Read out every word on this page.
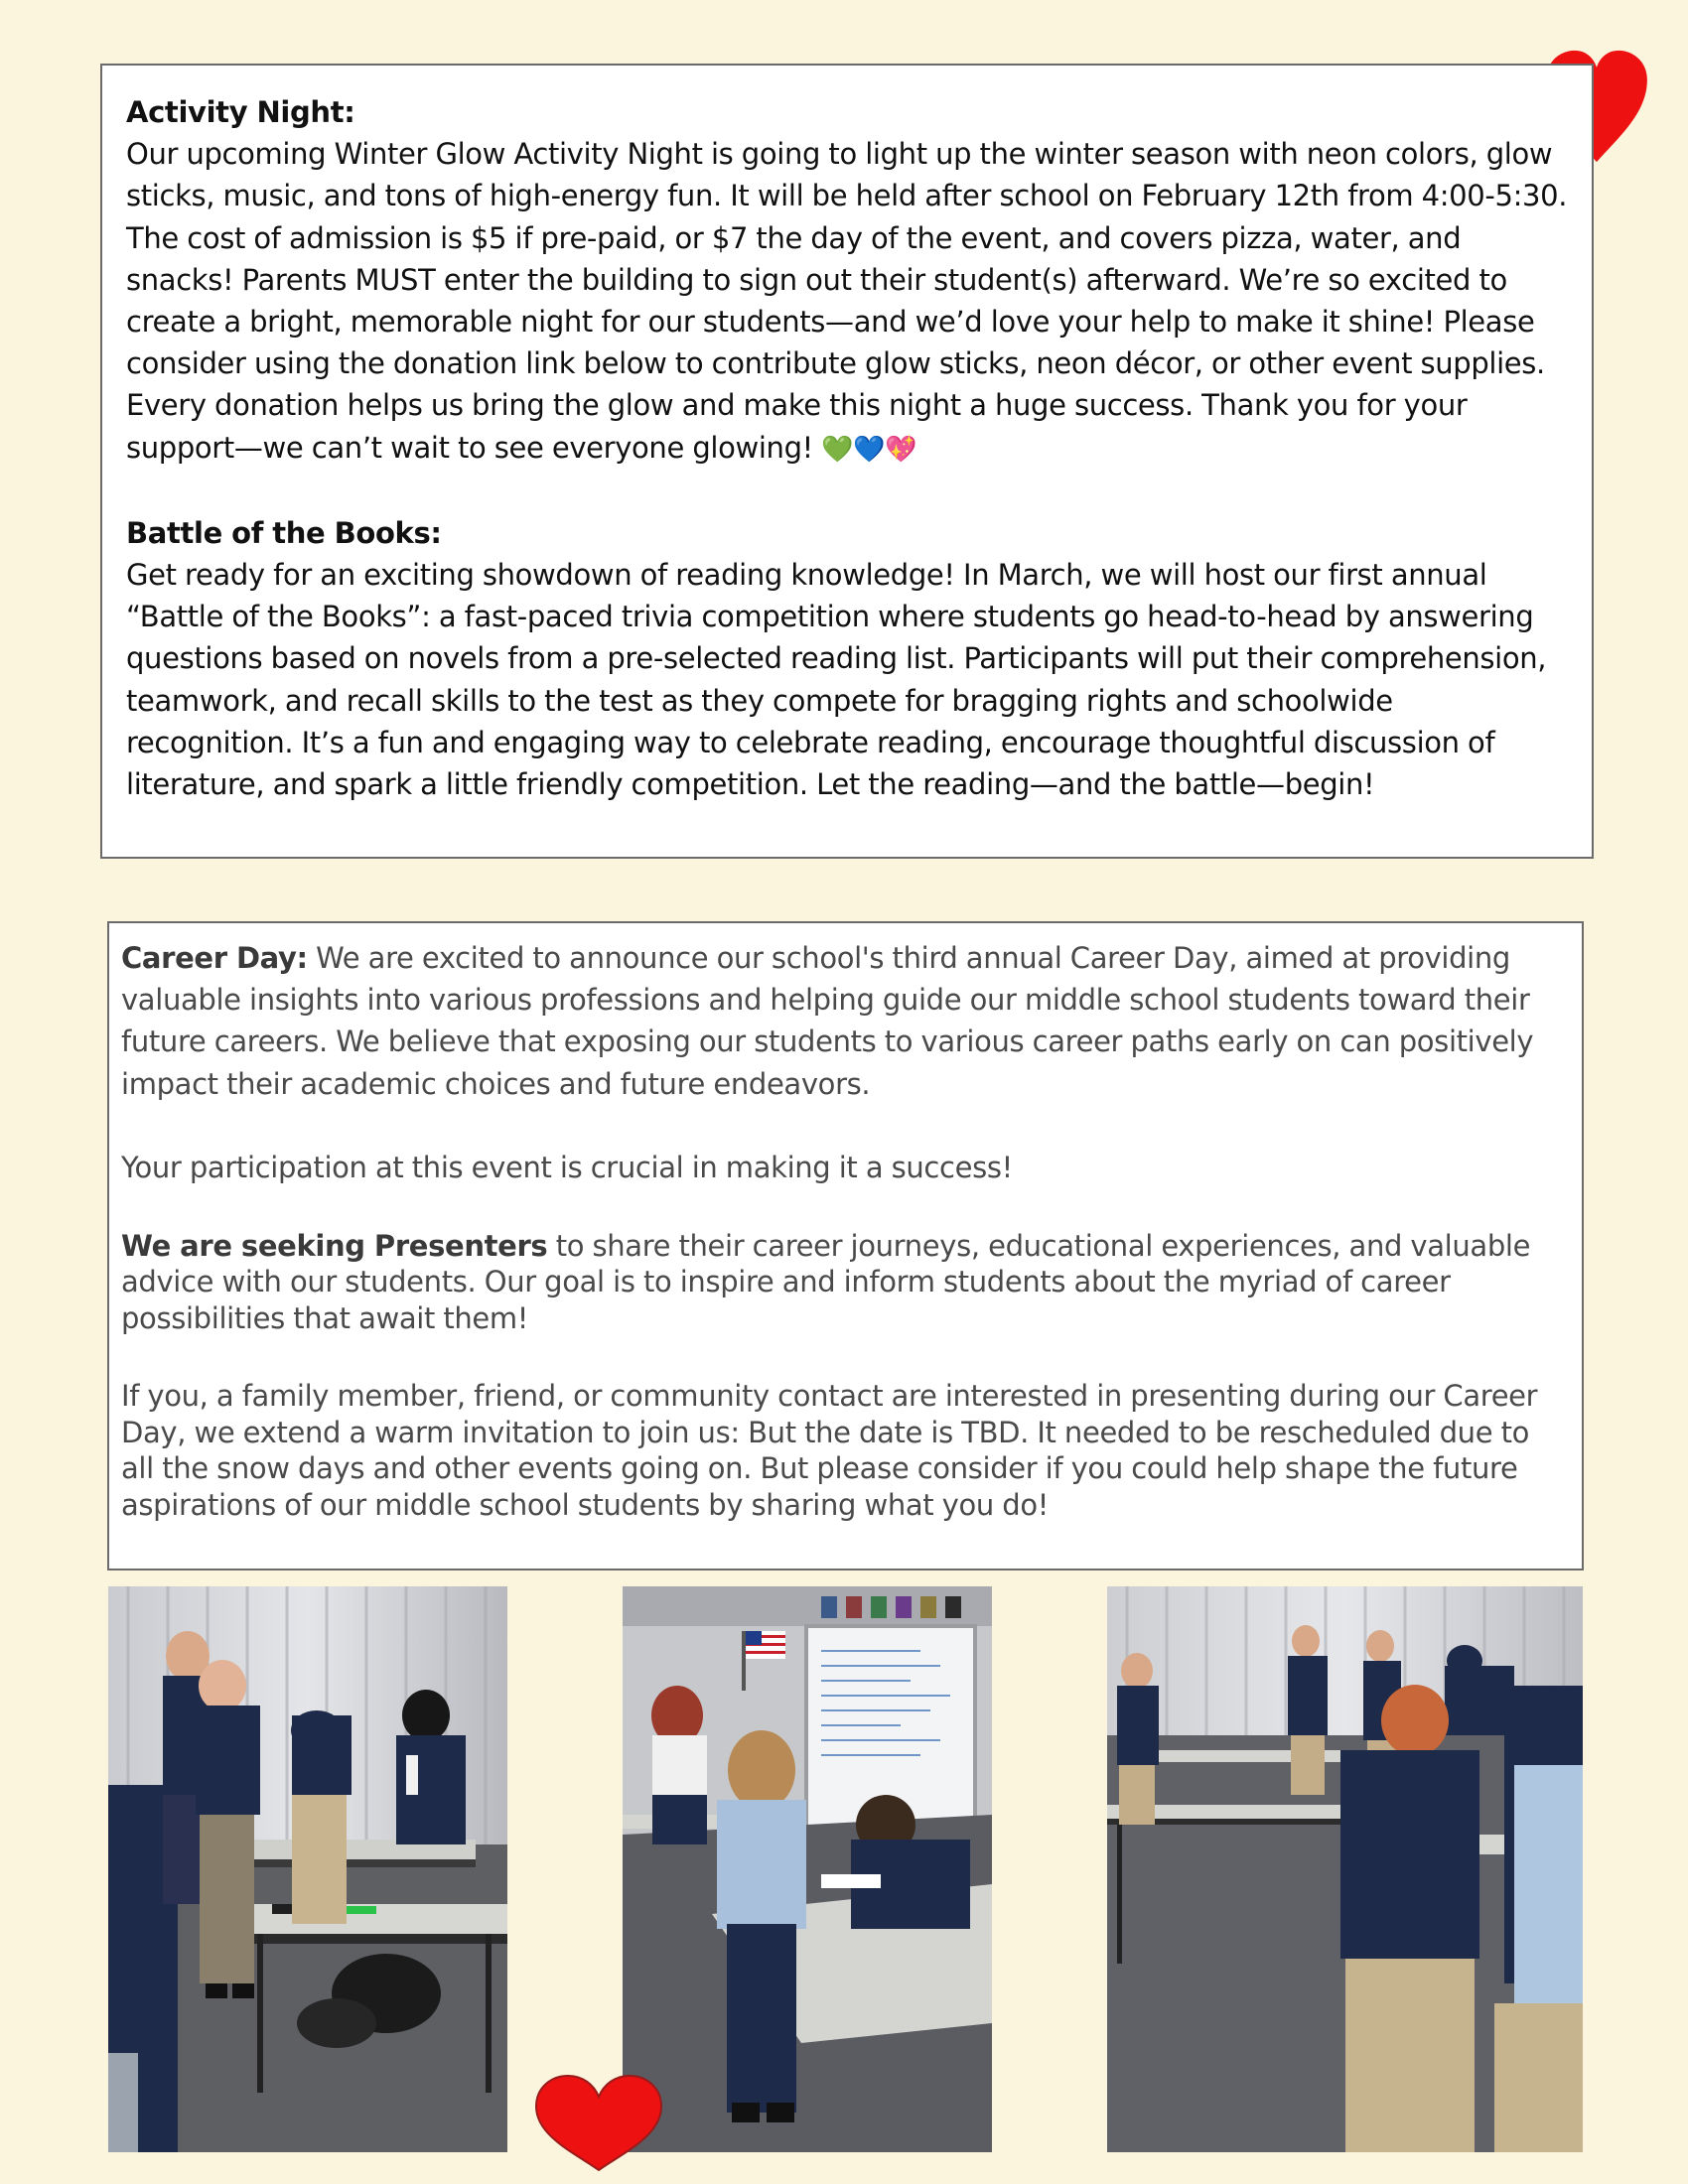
Activity Night:
Our upcoming Winter Glow Activity Night is going to light up the winter season with neon colors, glow sticks, music, and tons of high-energy fun. It will be held after school on February 12th from 4:00-5:30. The cost of admission is $5 if pre-paid, or $7 the day of the event, and covers pizza, water, and snacks! Parents MUST enter the building to sign out their student(s) afterward. We’re so excited to create a bright, memorable night for our students—and we’d love your help to make it shine! Please consider using the donation link below to contribute glow sticks, neon décor, or other event supplies. Every donation helps us bring the glow and make this night a huge success. Thank you for your support—we can’t wait to see everyone glowing! 💚💙💖

Battle of the Books:
Get ready for an exciting showdown of reading knowledge! In March, we will host our first annual “Battle of the Books”: a fast-paced trivia competition where students go head-to-head by answering questions based on novels from a pre-selected reading list. Participants will put their comprehension, teamwork, and recall skills to the test as they compete for bragging rights and schoolwide recognition. It’s a fun and engaging way to celebrate reading, encourage thoughtful discussion of literature, and spark a little friendly competition. Let the reading—and the battle—begin!

Career Day: We are excited to announce our school's third annual Career Day, aimed at providing valuable insights into various professions and helping guide our middle school students toward their future careers. We believe that exposing our students to various career paths early on can positively impact their academic choices and future endeavors.

Your participation at this event is crucial in making it a success!

We are seeking Presenters to share their career journeys, educational experiences, and valuable advice with our students. Our goal is to inspire and inform students about the myriad of career possibilities that await them!

If you, a family member, friend, or community contact are interested in presenting during our Career Day, we extend a warm invitation to join us: But the date is TBD. It needed to be rescheduled due to all the snow days and other events going on. But please consider if you could help shape the future aspirations of our middle school students by sharing what you do!
